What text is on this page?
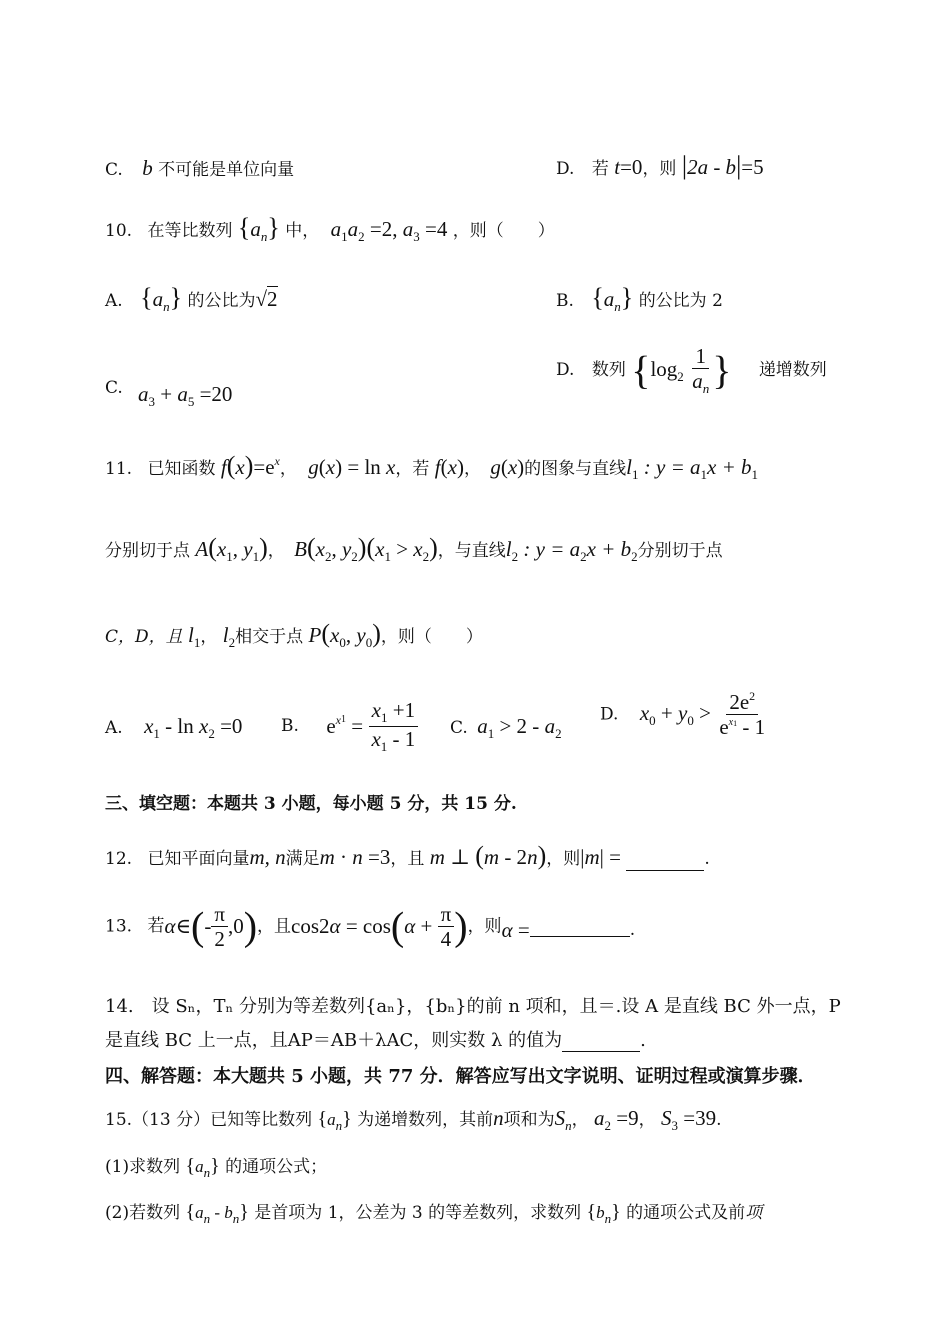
C. b 不可能是单位向量	D. 若 t=0，则 |2a - b|=5
10. 在等比数列 $\{a_n\}$ 中， $a_1a_2 =2$, $a_3 =4$ ，则（　　）
A. $\{a_n\}$ 的公比为√2	B. $\{a_n\}$ 的公比为 2
C. $a_3 + a_5 =20$
D. 数列 {$\log_2 \frac{1}{a_n}$ } 递增数列
11. 已知函数 $f(x)=e^x$， g(x) = ln x，若 f(x)， g(x)的图象与直线$l_1$ : $y = a_1x + b_1$
分别切于点 $A(x_1$, $y_1$)， $B(x_2$, $y_2)(x_1 > x_2)$，与直线$l_2$ : $y = a_2x + b_2$分别切于点
C，D，且 $l_1$， $l_2$相交于点 $P(x_0$, $y_0$)，则（　　）
A. $x_1 - \ln x_2 =0$ B. $e^{x1} = \frac{x_1 +1}{x_1 - 1} C$. $a_1 > 2 - a_2$
D. $x_0 + y_0 > \frac{2e^2}{e^{x1} - 1}$
三、填空题：本题共 3 小题，每小题 5 分，共 15 分.
12. 已知平面向量m, n满足m · n =3，且 m ⊥ (m - 2n)，则|m| =	.
13. 若α∈(- $\frac{\pi}{2} ,0$)，且$\cos 2\alpha = \cos(\alpha + \frac{\pi}{4}$ )，则α =	.
14.　设 Sₙ，Tₙ 分别为等差数列{aₙ}，{bₙ}的前 n 项和，且＝.设 A 是直线 BC 外一点，P
是直线 BC 上一点，且AP＝AB＋λAC，则实数 λ 的值为	.
四、解答题：本大题共 5 小题，共 77 分．解答应写出文字说明、证明过程或演算步骤．
15.（13 分）已知等比数列 $\{a_n\}$ 为递增数列，其前n项和为$S_n$， $a_2 =9$， $S_3 =39$.
(1)求数列 $\{a_n\}$ 的通项公式；
(2)若数列 $\{a_n - b_n\}$ 是首项为 1，公差为 3 的等差数列，求数列 $\{b_n\}$ 的通项公式及前项
